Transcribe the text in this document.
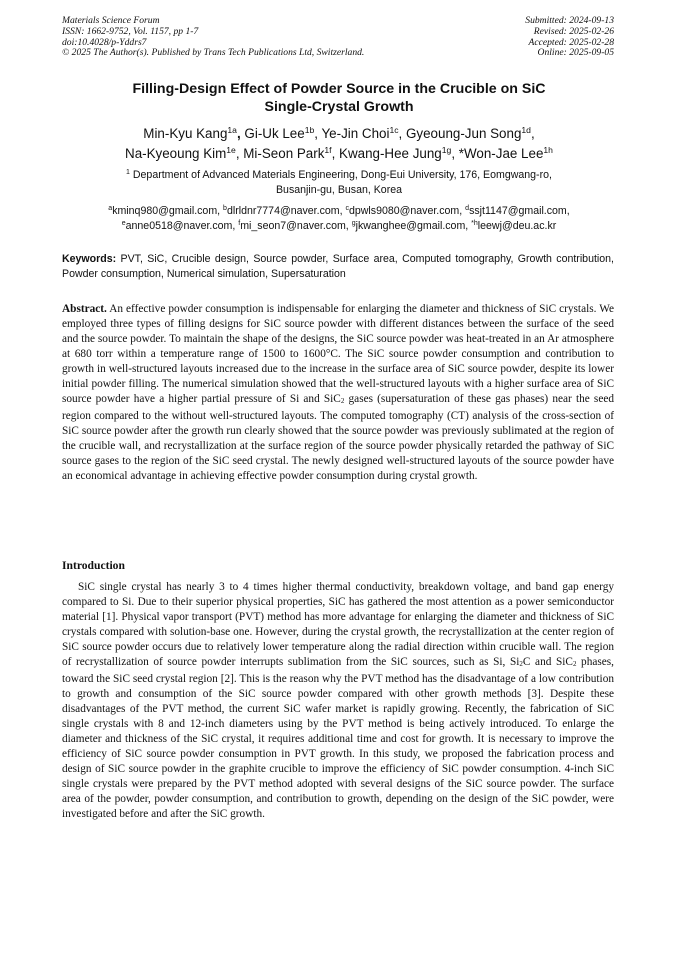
Materials Science Forum
ISSN: 1662-9752, Vol. 1157, pp 1-7
doi:10.4028/p-Yddrs7
© 2025 The Author(s). Published by Trans Tech Publications Ltd, Switzerland.
Submitted: 2024-09-13
Revised: 2025-02-26
Accepted: 2025-02-28
Online: 2025-09-05
Filling-Design Effect of Powder Source in the Crucible on SiC
Single-Crystal Growth
Min-Kyu Kang$^{1a}$, Gi-Uk Lee$^{1b}$, Ye-Jin Choi$^{1c}$, Gyeoung-Jun Song$^{1d}$,
Na-Kyeoung Kim$^{1e}$, Mi-Seon Park$^{1f}$, Kwang-Hee Jung$^{1g}$, *Won-Jae Lee$^{1h}$
$^1$ Department of Advanced Materials Engineering, Dong-Eui University, 176, Eomgwang-ro,
Busanjin-gu, Busan, Korea
$^a$kminq980@gmail.com, $^b$dlrldnr7774@naver.com, $^c$dpwls9080@naver.com, $^d$ssjt1147@gmail.com,
$^e$anne0518@naver.com, $^f$mi_seon7@naver.com, $^g$jkwanghee@gmail.com, $^{*h}$leewj@deu.ac.kr
Keywords: PVT, SiC, Crucible design, Source powder, Surface area, Computed tomography, Growth contribution, Powder consumption, Numerical simulation, Supersaturation
Abstract. An effective powder consumption is indispensable for enlarging the diameter and thickness of SiC crystals. We employed three types of filling designs for SiC source powder with different distances between the surface of the seed and the source powder. To maintain the shape of the designs, the SiC source powder was heat-treated in an Ar atmosphere at 680 torr within a temperature range of 1500 to 1600°C. The SiC source powder consumption and contribution to growth in well-structured layouts increased due to the increase in the surface area of SiC source powder, despite its lower initial powder filling. The numerical simulation showed that the well-structured layouts with a higher surface area of SiC source powder have a higher partial pressure of Si and SiC2 gases (supersaturation of these gas phases) near the seed region compared to the without well-structured layouts. The computed tomography (CT) analysis of the cross-section of SiC source powder after the growth run clearly showed that the source powder was previously sublimated at the region of the crucible wall, and recrystallization at the surface region of the source powder physically retarded the pathway of SiC source gases to the region of the SiC seed crystal. The newly designed well-structured layouts of the source powder have an economical advantage in achieving effective powder consumption during crystal growth.
Introduction

SiC single crystal has nearly 3 to 4 times higher thermal conductivity, breakdown voltage, and band gap energy compared to Si. Due to their superior physical properties, SiC has gathered the most attention as a power semiconductor material [1]. Physical vapor transport (PVT) method has more advantage for enlarging the diameter and thickness of SiC crystals compared with solution-base one. However, during the crystal growth, the recrystallization at the center region of SiC source powder occurs due to relatively lower temperature along the radial direction within crucible wall. The region of recrystallization of source powder interrupts sublimation from the SiC sources, such as Si, Si2C and SiC2 phases, toward the SiC seed crystal region [2]. This is the reason why the PVT method has the disadvantage of a low contribution to growth and consumption of the SiC source powder compared with other growth methods [3]. Despite these disadvantages of the PVT method, the current SiC wafer market is rapidly growing. Recently, the fabrication of SiC single crystals with 8 and 12-inch diameters using by the PVT method is being actively introduced. To enlarge the diameter and thickness of the SiC crystal, it requires additional time and cost for growth. It is necessary to improve the efficiency of SiC source powder consumption in PVT growth. In this study, we proposed the fabrication process and design of SiC source powder in the graphite crucible to improve the efficiency of SiC powder consumption. 4-inch SiC single crystals were prepared by the PVT method adopted with several designs of the SiC source powder. The surface area of the powder, powder consumption, and contribution to growth, depending on the design of the SiC powder, were investigated before and after the SiC growth.
